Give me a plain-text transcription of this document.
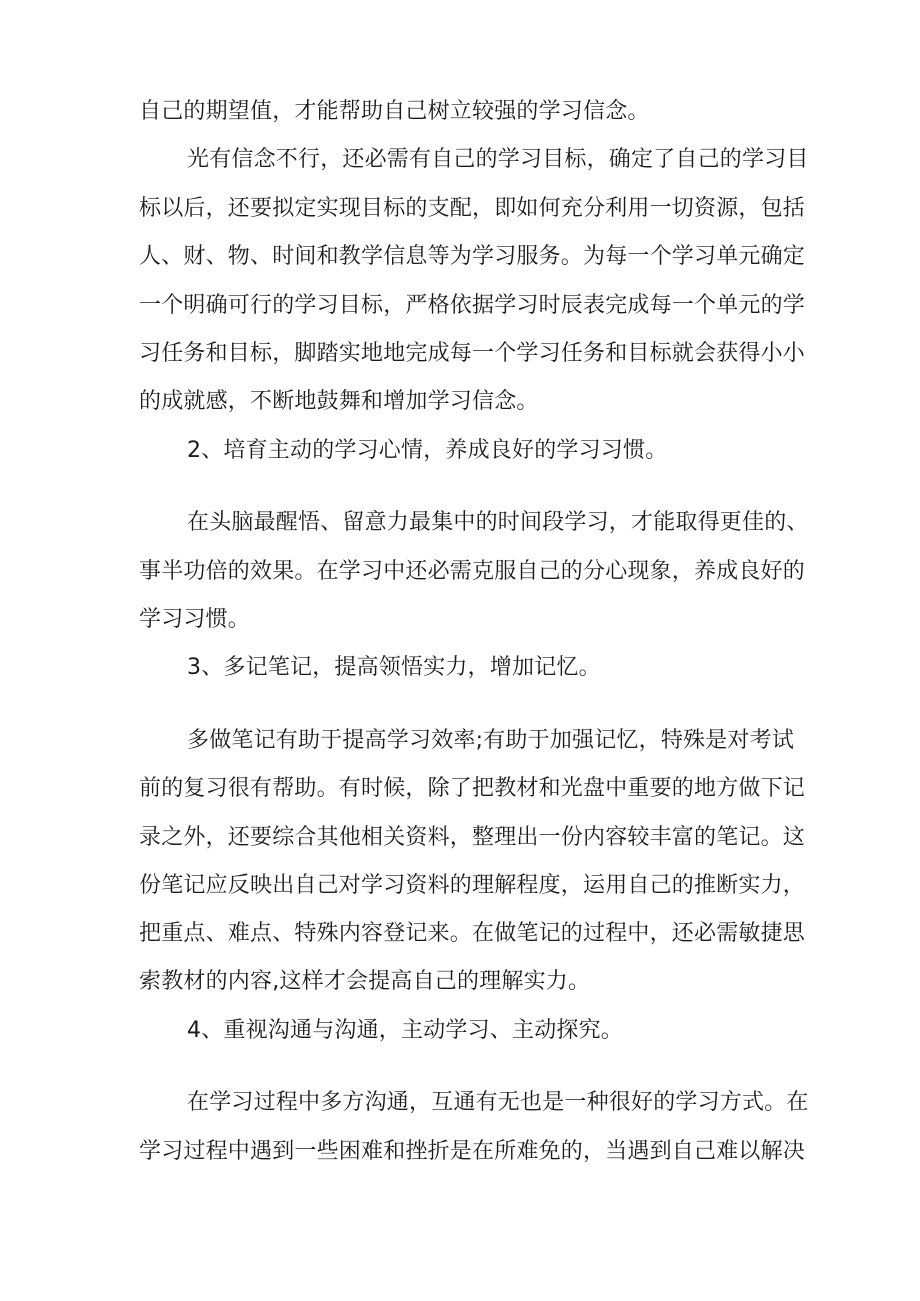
自己的期望值，才能帮助自己树立较强的学习信念。
光有信念不行，还必需有自己的学习目标，确定了自己的学习目
标以后，还要拟定实现目标的支配，即如何充分利用一切资源，包括
人、财、物、时间和教学信息等为学习服务。为每一个学习单元确定
一个明确可行的学习目标，严格依据学习时辰表完成每一个单元的学
习任务和目标，脚踏实地地完成每一个学习任务和目标就会获得小小
的成就感，不断地鼓舞和增加学习信念。
2、培育主动的学习心情，养成良好的学习习惯。
在头脑最醒悟、留意力最集中的时间段学习，才能取得更佳的、
事半功倍的效果。在学习中还必需克服自己的分心现象，养成良好的
学习习惯。
3、多记笔记，提高领悟实力，增加记忆。
多做笔记有助于提高学习效率;有助于加强记忆，特殊是对考试
前的复习很有帮助。有时候，除了把教材和光盘中重要的地方做下记
录之外，还要综合其他相关资料，整理出一份内容较丰富的笔记。这
份笔记应反映出自己对学习资料的理解程度，运用自己的推断实力，
把重点、难点、特殊内容登记来。在做笔记的过程中，还必需敏捷思
索教材的内容,这样才会提高自己的理解实力。
4、重视沟通与沟通，主动学习、主动探究。
在学习过程中多方沟通，互通有无也是一种很好的学习方式。在
学习过程中遇到一些困难和挫折是在所难免的，当遇到自己难以解决
